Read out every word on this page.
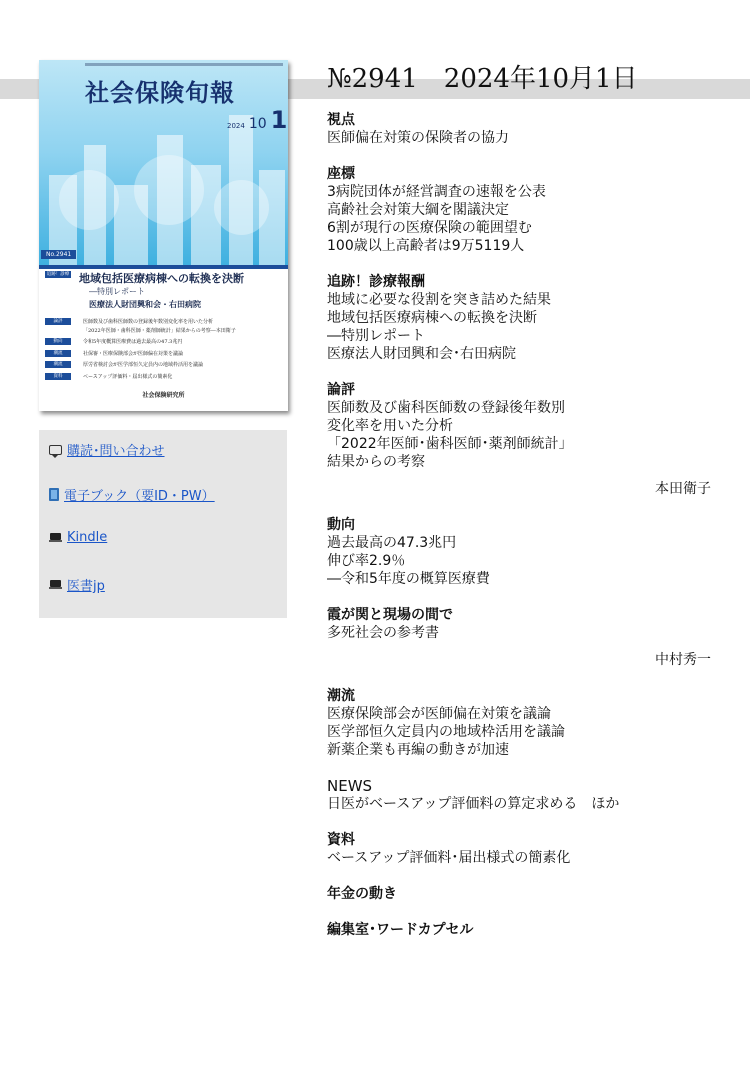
№2941　2024年10月1日
社会保険旬報
2024 10 1
No.2941
追跡！診療報酬	地域包括医療病棟への転換を決断
―特別レポート
医療法人財団興和会・右田病院
論評	医師数及び歯科医師数の登録後年数別変化率を用いた分析
「2022年医師・歯科医師・薬剤師統計」結果からの考察―本田衛子
動向	令和5年度概算医療費は過去最高の47.3兆円
潮流	社保審・医療保険部会が医師偏在対策を議論
潮流	厚労省検討会が医学部恒久定員内の地域枠活用を議論
資料	ベースアップ評価料・届出様式の簡素化
社会保険研究所
購読･問い合わせ
電子ブック（要ID・PW）
Kindle
医書jp
視点
医師偏在対策の保険者の協力
座標
3病院団体が経営調査の速報を公表
高齢社会対策大綱を閣議決定
6割が現行の医療保険の範囲望む
100歳以上高齢者は9万5119人
追跡！診療報酬
地域に必要な役割を突き詰めた結果
地域包括医療病棟への転換を決断
―特別レポート
医療法人財団興和会･右田病院
論評
医師数及び歯科医師数の登録後年数別
変化率を用いた分析
「2022年医師･歯科医師･薬剤師統計」
結果からの考察
本田衛子
動向
過去最高の47.3兆円
伸び率2.9％
―令和5年度の概算医療費
霞が関と現場の間で
多死社会の参考書
中村秀一
潮流
医療保険部会が医師偏在対策を議論
医学部恒久定員内の地域枠活用を議論
新薬企業も再編の動きが加速
NEWS
日医がベースアップ評価料の算定求める　ほか
資料
ベースアップ評価料･届出様式の簡素化
年金の動き
編集室･ワードカプセル
